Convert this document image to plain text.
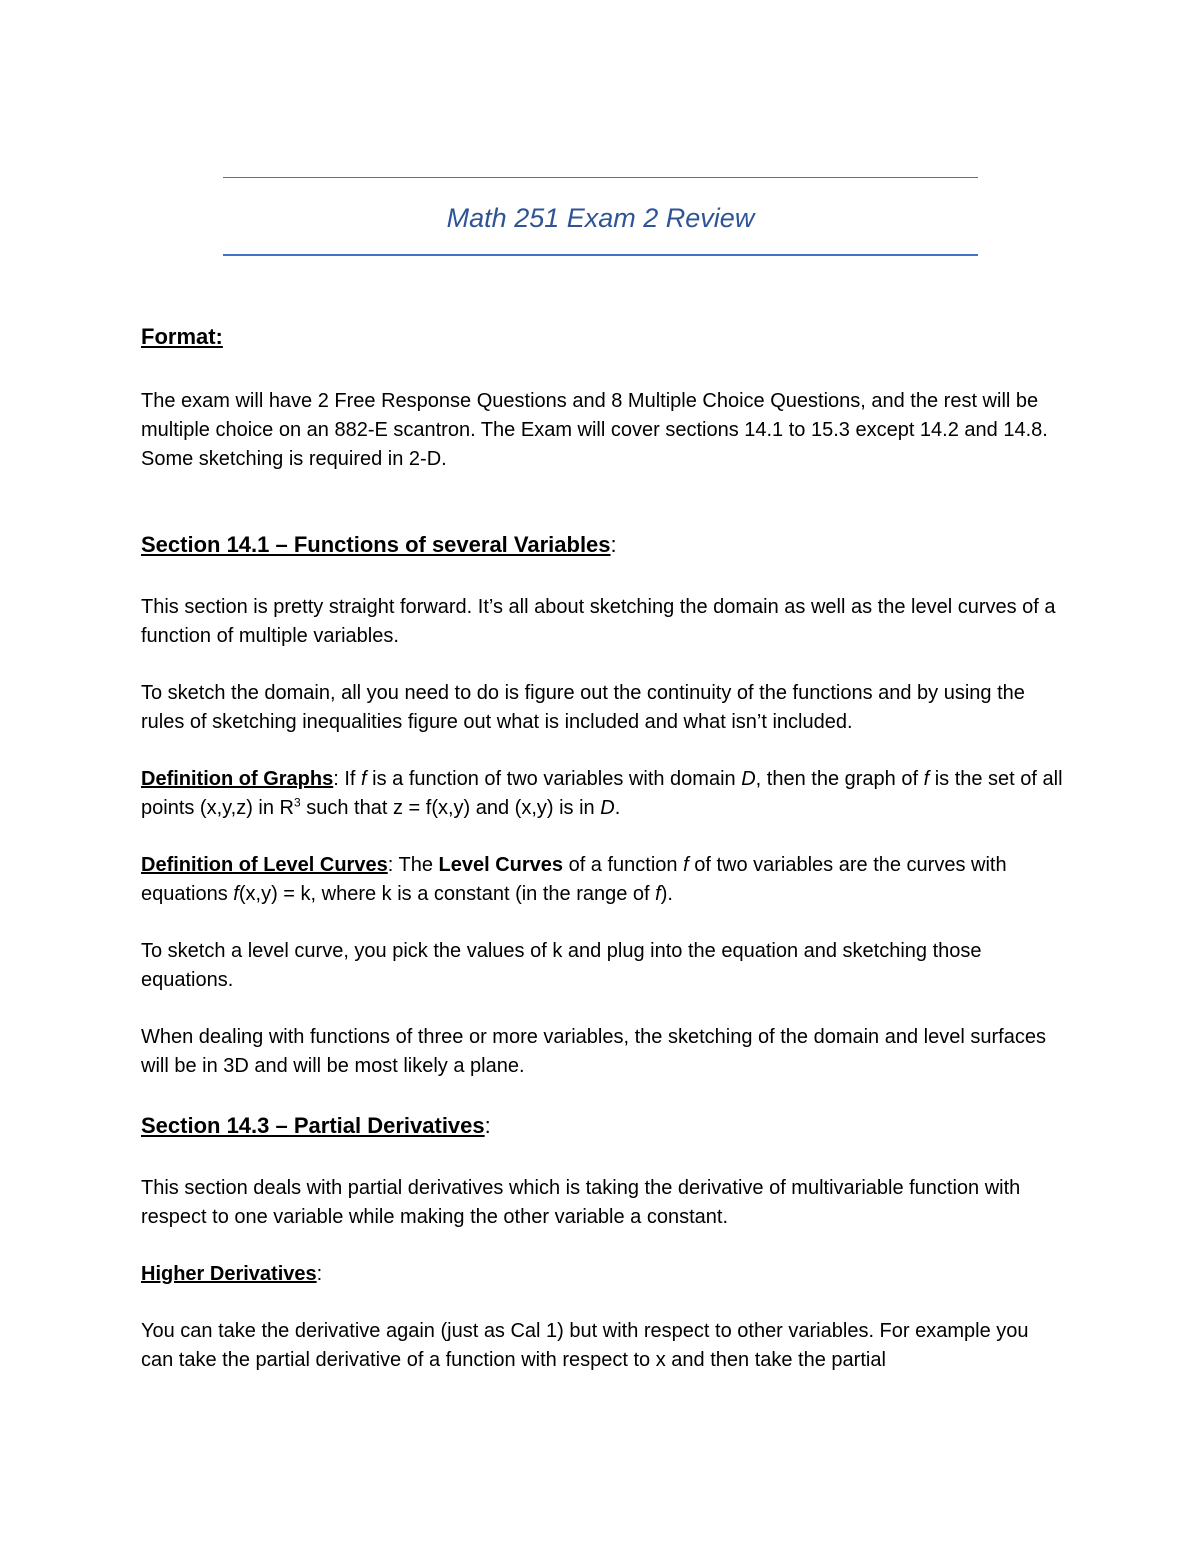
Math 251 Exam 2 Review

Format:

The exam will have 2 Free Response Questions and 8 Multiple Choice Questions, and the rest will be multiple choice on an 882-E scantron. The Exam will cover sections 14.1 to 15.3 except 14.2 and 14.8. Some sketching is required in 2-D.

Section 14.1 – Functions of several Variables:

This section is pretty straight forward. It’s all about sketching the domain as well as the level curves of a function of multiple variables.

To sketch the domain, all you need to do is figure out the continuity of the functions and by using the rules of sketching inequalities figure out what is included and what isn’t included.

Definition of Graphs: If f is a function of two variables with domain D, then the graph of f is the set of all points (x,y,z) in $R^3$ such that z = f(x,y) and (x,y) is in D.

Definition of Level Curves: The Level Curves of a function f of two variables are the curves with equations f(x,y) = k, where k is a constant (in the range of f).

To sketch a level curve, you pick the values of k and plug into the equation and sketching those equations.

When dealing with functions of three or more variables, the sketching of the domain and level surfaces will be in 3D and will be most likely a plane.

Section 14.3 – Partial Derivatives:

This section deals with partial derivatives which is taking the derivative of multivariable function with respect to one variable while making the other variable a constant.

Higher Derivatives:

You can take the derivative again (just as Cal 1) but with respect to other variables. For example you can take the partial derivative of a function with respect to x and then take the partial
